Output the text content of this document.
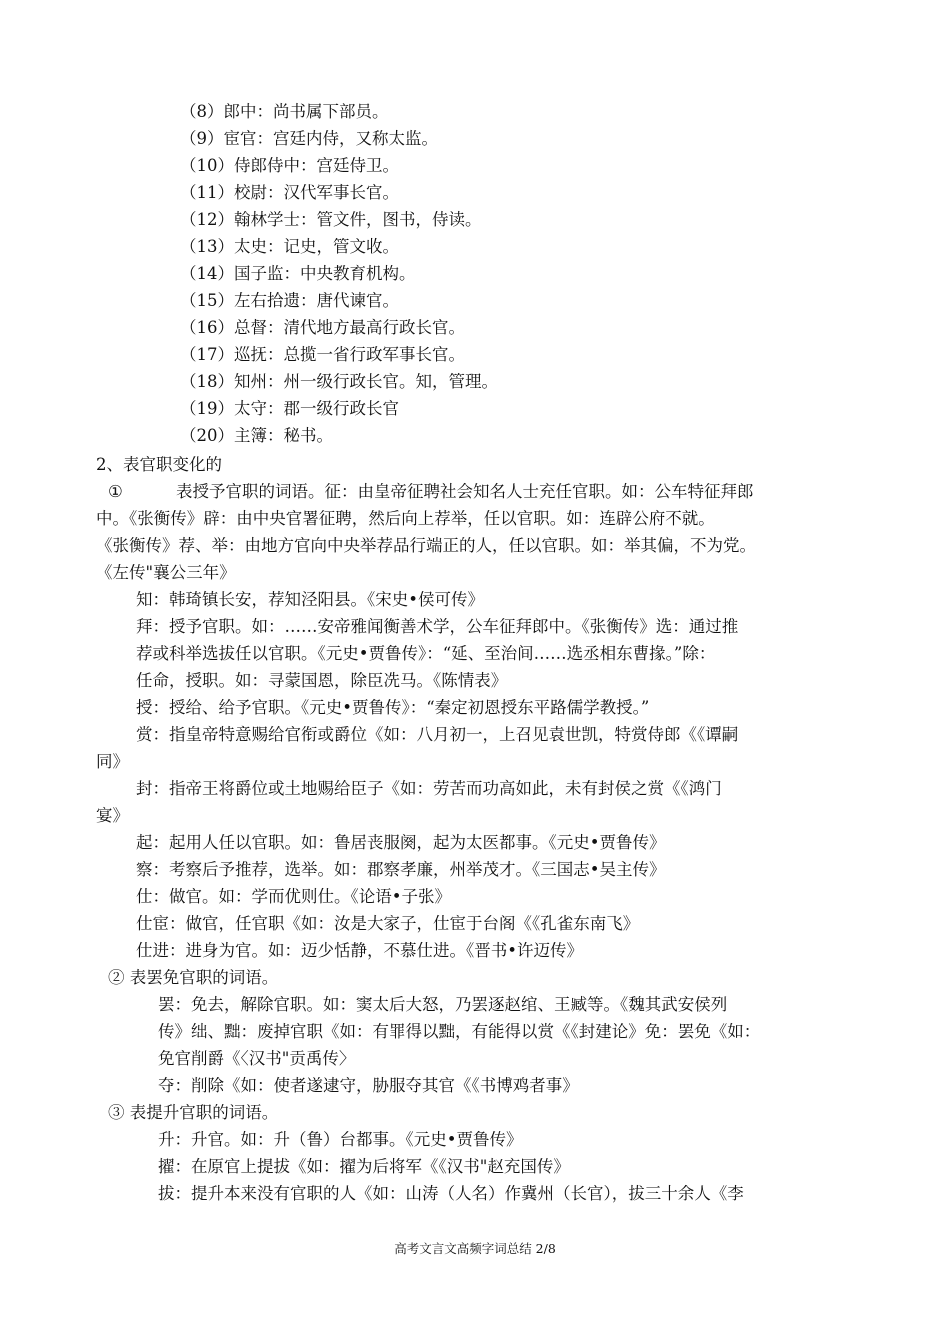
（8）郎中：尚书属下部员。
（9）宦官：宫廷内侍，又称太监。
（10）侍郎侍中：宫廷侍卫。
（11）校尉：汉代军事长官。
（12）翰林学士：管文件，图书，侍读。
（13）太史：记史，管文收。
（14）国子监：中央教育机构。
（15）左右拾遗：唐代谏官。
（16）总督：清代地方最高行政长官。
（17）巡抚：总揽一省行政军事长官。
（18）知州：州一级行政长官。知，管理。
（19）太守：郡一级行政长官
（20）主簿：秘书。
2、表官职变化的
①	表授予官职的词语。征：由皇帝征聘社会知名人士充任官职。如：公车特征拜郎
中。《张衡传》辟：由中央官署征聘，然后向上荐举，任以官职。如：连辟公府不就。
《张衡传》荐、举：由地方官向中央举荐品行端正的人，任以官职。如：举其偏，不为党。
《左传"襄公三年》
知：韩琦镇长安，荐知泾阳县。《宋史•侯可传》
拜：授予官职。如：……安帝雅闻衡善术学，公车征拜郎中。《张衡传》选：通过推
荐或科举选拔任以官职。《元史•贾鲁传》：“延、至治间……选丞相东曹掾。”除：
任命，授职。如：寻蒙国恩，除臣冼马。《陈情表》
授：授给、给予官职。《元史•贾鲁传》：“秦定初恩授东平路儒学教授。”
赏：指皇帝特意赐给官衔或爵位《如：八月初一，上召见袁世凯，特赏侍郎《《谭嗣
同》
封：指帝王将爵位或土地赐给臣子《如：劳苦而功高如此，未有封侯之赏《《鸿门
宴》
起：起用人任以官职。如：鲁居丧服阕，起为太医都事。《元史•贾鲁传》
察：考察后予推荐，选举。如：郡察孝廉，州举茂才。《三国志•吴主传》
仕：做官。如：学而优则仕。《论语•子张》
仕宦：做官，任官职《如：汝是大家子，仕宦于台阁《《孔雀东南飞》
仕进：进身为官。如：迈少恬静，不慕仕进。《晋书•许迈传》
② 表罢免官职的词语。
罢：免去，解除官职。如：窦太后大怒，乃罢逐赵绾、王臧等。《魏其武安侯列
传》绌、黜：废掉官职《如：有罪得以黜，有能得以赏《《封建论》免：罢免《如：
免官削爵《〈汉书"贡禹传〉
夺：削除《如：使者遂逮守，胁服夺其官《《书博鸡者事》
③ 表提升官职的词语。
升：升官。如：升（鲁）台都事。《元史•贾鲁传》
擢：在原官上提拔《如：擢为后将军《《汉书"赵充国传》
拔：提升本来没有官职的人《如：山涛（人名）作冀州（长官），拔三十余人《李
高考文言文高频字词总结 2/8
